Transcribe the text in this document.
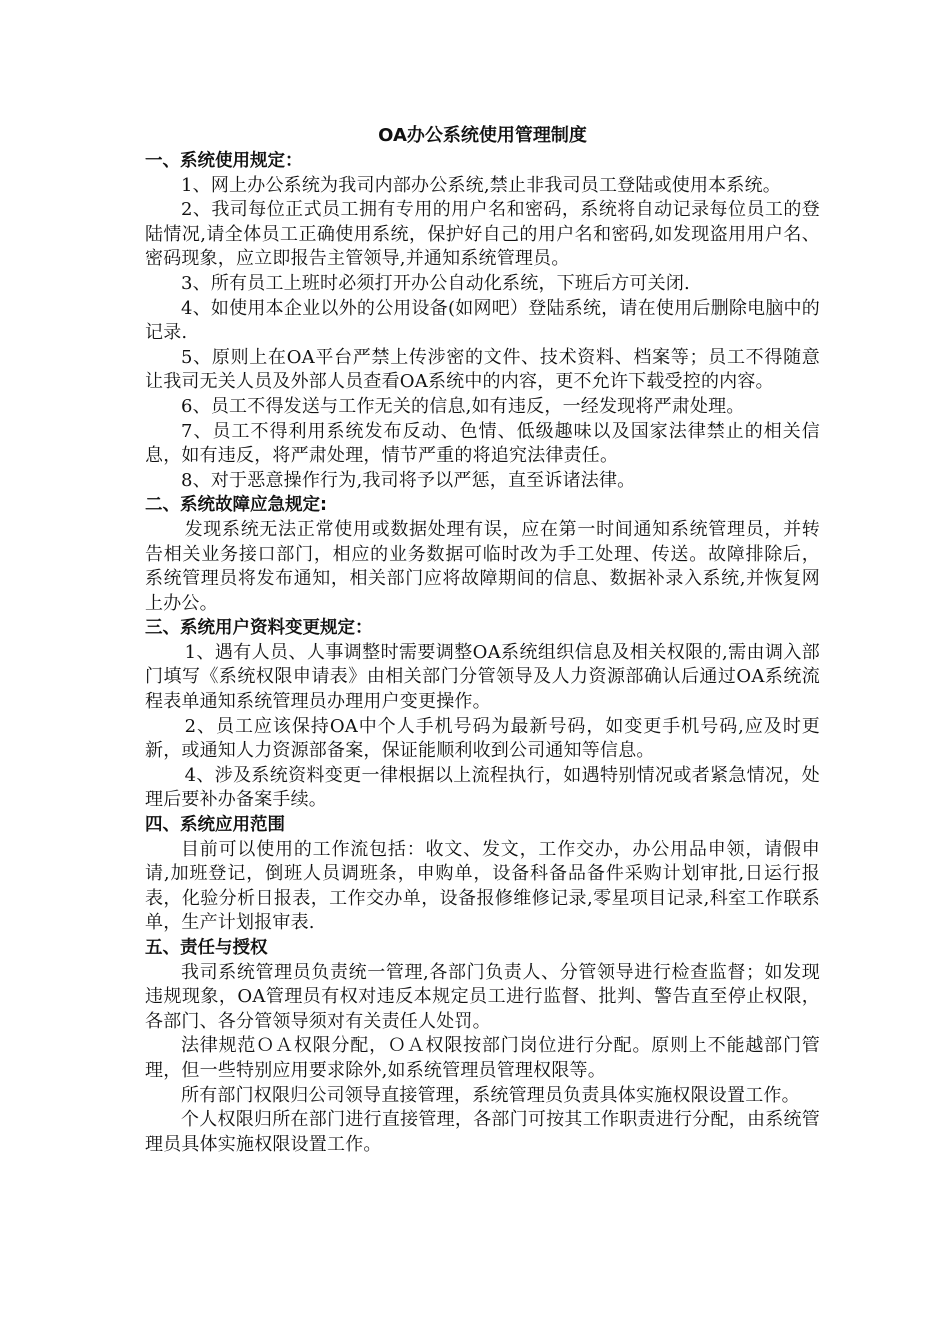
OA办公系统使用管理制度
一、系统使用规定：

1、网上办公系统为我司内部办公系统,禁止非我司员工登陆或使用本系统。

2、我司每位正式员工拥有专用的用户名和密码，系统将自动记录每位员工的登陆情况,请全体员工正确使用系统，保护好自己的用户名和密码,如发现盗用用户名、密码现象，应立即报告主管领导,并通知系统管理员。

3、所有员工上班时必须打开办公自动化系统，下班后方可关闭.

4、如使用本企业以外的公用设备(如网吧）登陆系统，请在使用后删除电脑中的记录.

5、原则上在OA平台严禁上传涉密的文件、技术资料、档案等；员工不得随意让我司无关人员及外部人员查看OA系统中的内容，更不允许下载受控的内容。

6、员工不得发送与工作无关的信息,如有违反，一经发现将严肃处理。

7、员工不得利用系统发布反动、色情、低级趣味以及国家法律禁止的相关信息，如有违反，将严肃处理，情节严重的将追究法律责任。

8、对于恶意操作行为,我司将予以严惩，直至诉诸法律。

二、系统故障应急规定:

发现系统无法正常使用或数据处理有误，应在第一时间通知系统管理员，并转告相关业务接口部门，相应的业务数据可临时改为手工处理、传送。故障排除后， 系统管理员将发布通知，相关部门应将故障期间的信息、数据补录入系统,并恢复网上办公。

三、系统用户资料变更规定：

1、遇有人员、人事调整时需要调整OA系统组织信息及相关权限的,需由调入部门填写《系统权限申请表》由相关部门分管领导及人力资源部确认后通过OA系统流程表单通知系统管理员办理用户变更操作。

2、员工应该保持OA中个人手机号码为最新号码，如变更手机号码,应及时更新，或通知人力资源部备案，保证能顺利收到公司通知等信息。

4、涉及系统资料变更一律根据以上流程执行，如遇特别情况或者紧急情况，处理后要补办备案手续。

四、系统应用范围

目前可以使用的工作流包括：收文、发文，工作交办，办公用品申领，请假申请,加班登记，倒班人员调班条，申购单，设备科备品备件采购计划审批,日运行报表，化验分析日报表，工作交办单，设备报修维修记录,零星项目记录,科室工作联系单，生产计划报审表.

五、责任与授权

我司系统管理员负责统一管理,各部门负责人、分管领导进行检查监督；如发现违规现象，OA管理员有权对违反本规定员工进行监督、批判、警告直至停止权限，各部门、各分管领导须对有关责任人处罚。

法律规范ＯＡ权限分配，ＯＡ权限按部门岗位进行分配。原则上不能越部门管理，但一些特别应用要求除外,如系统管理员管理权限等。

所有部门权限归公司领导直接管理，系统管理员负责具体实施权限设置工作。

个人权限归所在部门进行直接管理，各部门可按其工作职责进行分配，由系统管理员具体实施权限设置工作。
